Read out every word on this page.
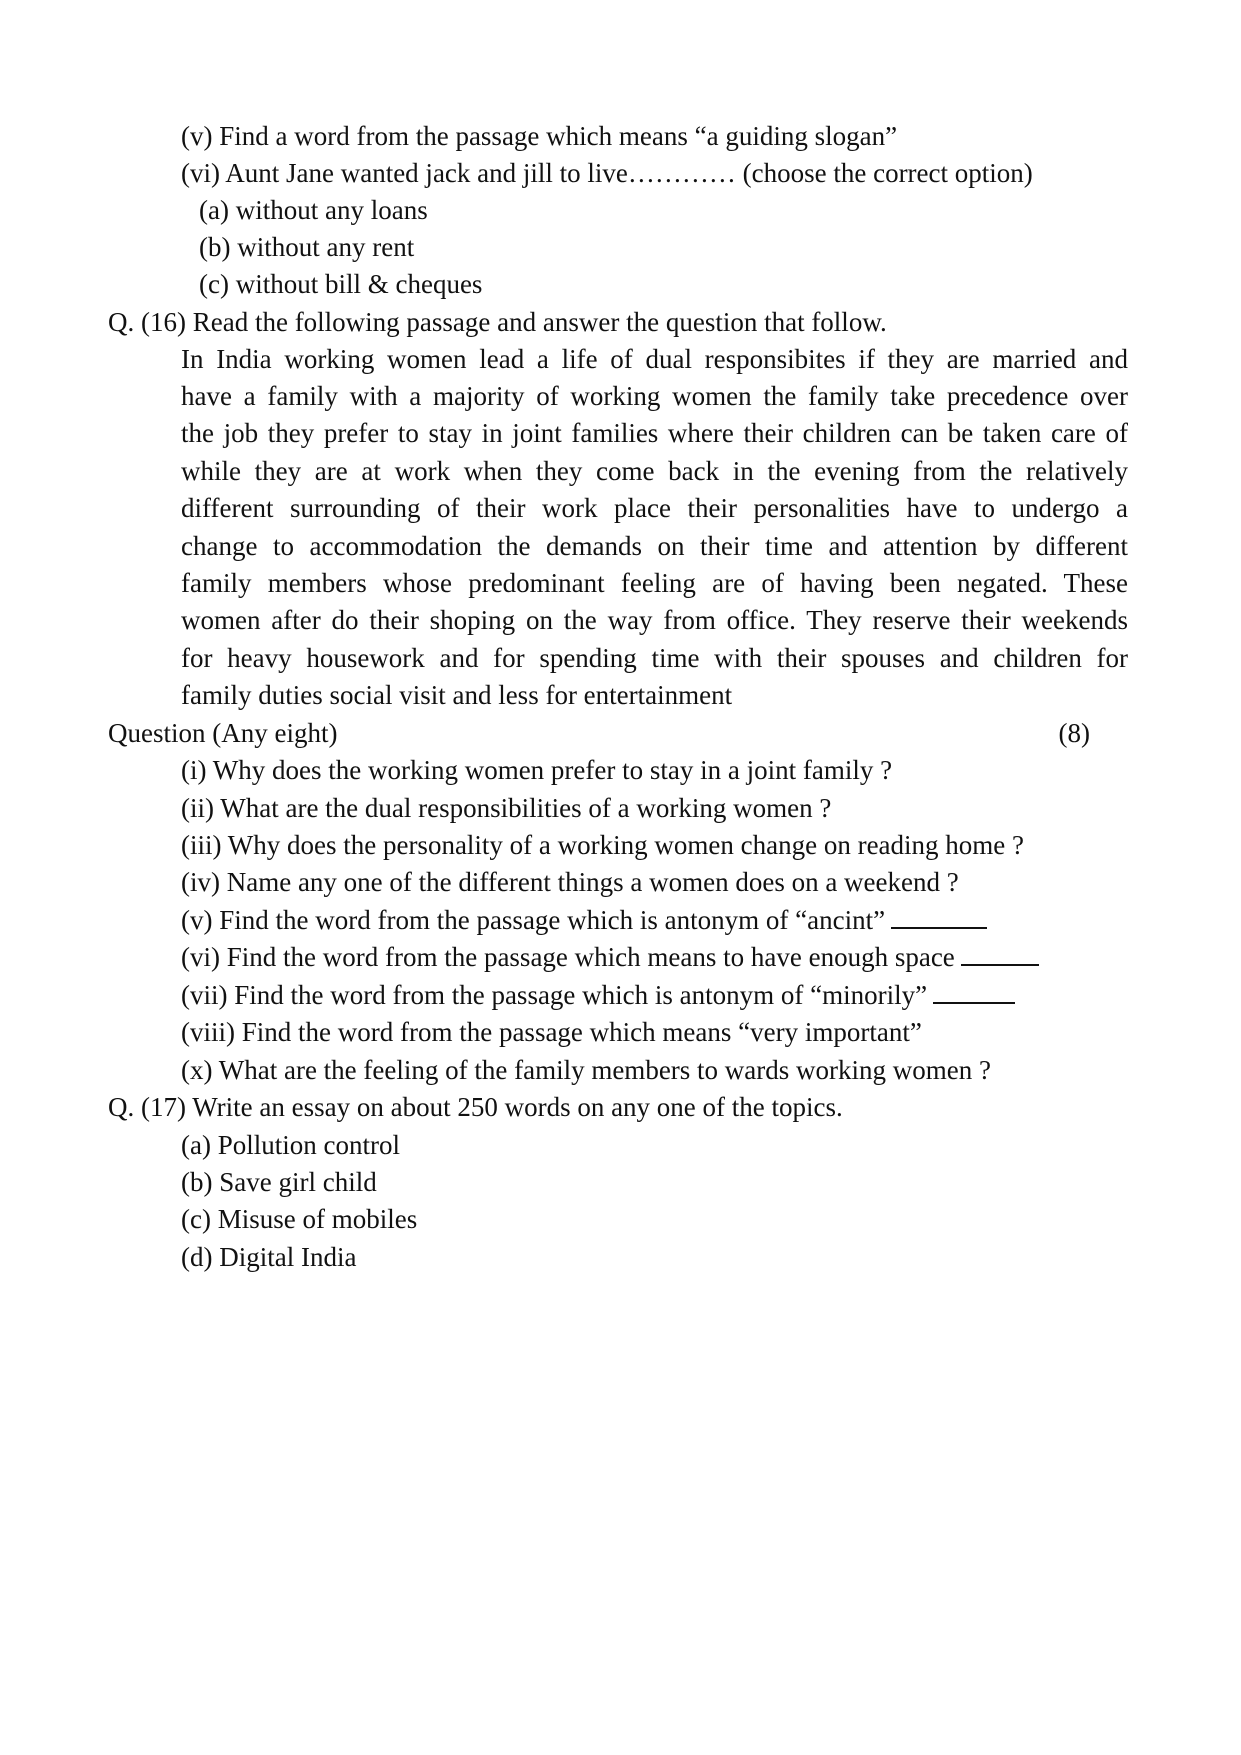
(v) Find a word from the passage which means “a guiding slogan”
(vi) Aunt Jane wanted jack and jill to live………… (choose the correct option)
(a) without any loans
(b) without any rent
(c) without bill & cheques
Q. (16) Read the following passage and answer the question that follow.
In India working women lead a life of dual responsibites if they are married and
have a family with a majority of working women the family take precedence over
the job they prefer to stay in joint families where their children can be taken care of
while they are at work when they come back in the evening from the relatively
different surrounding of their work place their personalities have to undergo a
change to accommodation the demands on their time and attention by different
family members whose predominant feeling are of having been negated. These
women after do their shoping on the way from office. They reserve their weekends
for heavy housework and for spending time with their spouses and children for
family duties social visit and less for entertainment
Question (Any eight)	(8)
(i) Why does the working women prefer to stay in a joint family ?
(ii) What are the dual responsibilities of a working women ?
(iii) Why does the personality of a working women change on reading home ?
(iv) Name any one of the different things a women does on a weekend ?
(v) Find the word from the passage which is antonym of “ancint”
(vi) Find the word from the passage which means to have enough space
(vii) Find the word from the passage which is antonym of “minorily”
(viii) Find the word from the passage which means “very important”
(x) What are the feeling of the family members to wards working women ?
Q. (17) Write an essay on about 250 words on any one of the topics.
(a) Pollution control
(b) Save girl child
(c) Misuse of mobiles
(d) Digital India
